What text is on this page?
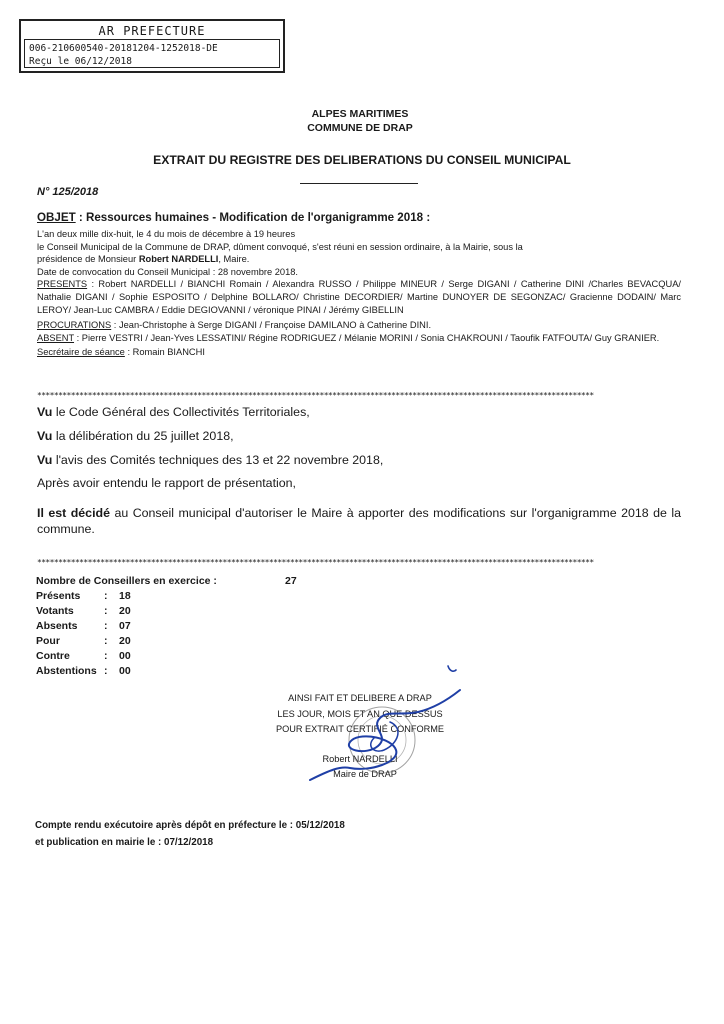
AR PREFECTURE
006-210600540-20181204-1252018-DE
Reçu le 06/12/2018
ALPES MARITIMES
COMMUNE DE DRAP
EXTRAIT DU REGISTRE DES DELIBERATIONS DU CONSEIL MUNICIPAL
N° 125/2018
OBJET : Ressources humaines - Modification de l'organigramme 2018 :
L'an deux mille dix-huit, le 4 du mois de décembre à 19 heures
le Conseil Municipal de la Commune de DRAP, dûment convoqué, s'est réuni en session ordinaire, à la Mairie, sous la
présidence de Monsieur Robert NARDELLI, Maire.
Date de convocation du Conseil Municipal : 28 novembre 2018.
PRESENTS : Robert NARDELLI / BIANCHI Romain / Alexandra RUSSO / Philippe MINEUR / Serge DIGANI / Catherine DINI /Charles BEVACQUA/ Nathalie DIGANI / Sophie ESPOSITO / Delphine BOLLARO/ Christine DECORDIER/ Martine DUNOYER DE SEGONZAC/ Gracienne DODAIN/ Marc LEROY/ Jean-Luc CAMBRA / Eddie DEGIOVANNI / véronique PINAI / Jérémy GIBELLIN
PROCURATIONS : Jean-Christophe à Serge DIGANI / Françoise DAMILANO à Catherine DINI.
ABSENT : Pierre VESTRI / Jean-Yves LESSATINI/ Régine RODRIGUEZ / Mélanie MORINI / Sonia CHAKROUNI / Taoufik FATFOUTA/ Guy GRANIER.
Secrétaire de séance : Romain BIANCHI
************************************************************************************************************************************
Vu le Code Général des Collectivités Territoriales,
Vu la délibération du 25 juillet 2018,
Vu l'avis des Comités techniques des 13 et 22 novembre 2018,
Après avoir entendu le rapport de présentation,
Il est décidé au Conseil municipal d'autoriser le Maire à apporter des modifications sur l'organigramme 2018 de la commune.
************************************************************************************************************************************
Nombre de Conseillers en exercice :	27
Présents : 18
Votants	: 20
Absents	: 07
Pour	: 20
Contre	: 00
Abstentions : 00
AINSI FAIT ET DELIBERE A DRAP
LES JOUR, MOIS ET AN QUE DESSUS
POUR EXTRAIT CERTIFIÉ CONFORME
Robert NARDELLI
Maire de DRAP
Compte rendu exécutoire après dépôt en préfecture le : 05/12/2018
et publication en mairie le : 07/12/2018
